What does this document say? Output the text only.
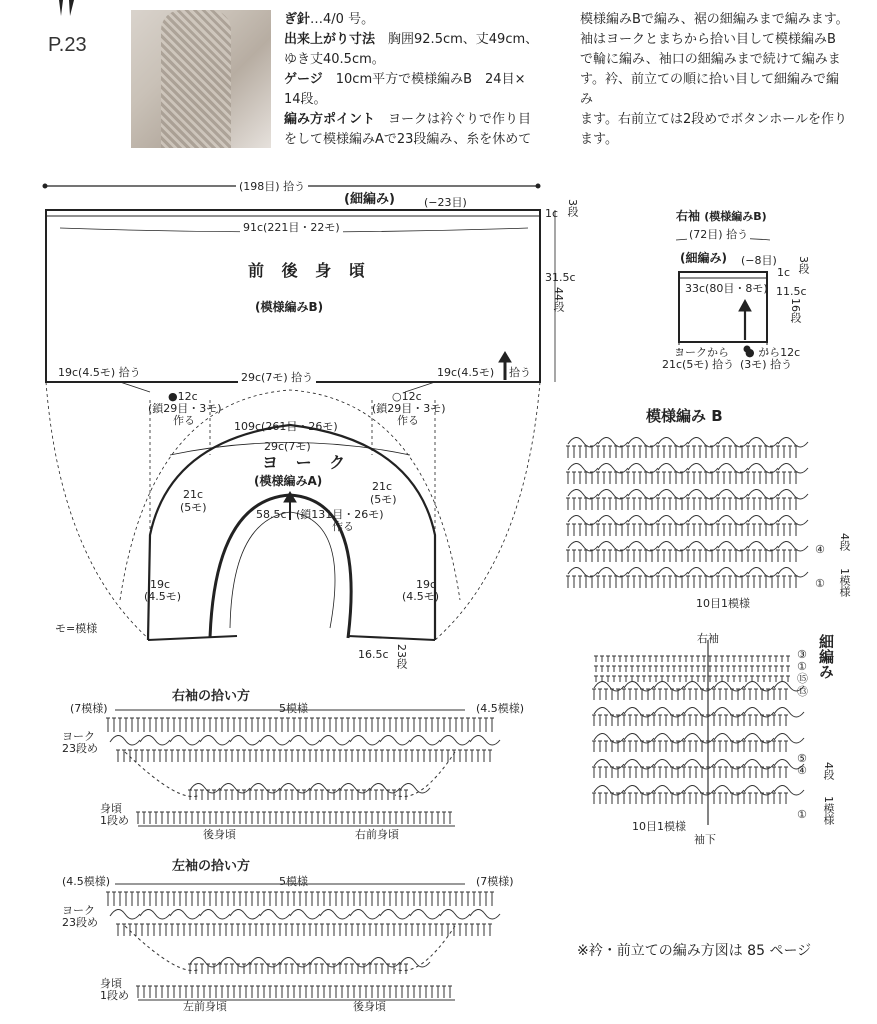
P.23
ぎ針…4/0 号。
出来上がり寸法　胸囲92.5cm、丈49cm、
ゆき丈40.5cm。
ゲージ　10cm平方で模様編みB　24目×
14段。
編み方ポイント　ヨークは衿ぐりで作り目
をして模様編みAで23段編み、糸を休めて
模様編みBで編み、裾の細編みまで編みます。
袖はヨークとまちから拾い目して模様編みB
で輪に編み、袖口の細編みまで続けて編みま
す。衿、前立ての順に拾い目して細編みで編み
ます。右前立ては2段めでボタンホールを作り
ます。
(198目) 拾う
(細編み)	(−23目)
91c(221目・22モ)
前 後 身 頃
(模様編みB)
1c 3段
31.5c
44段
19c(4.5モ) 拾う	29c(7モ) 拾う	19c(4.5モ) 拾う
●12c
(鎖29目・3モ)
作る
○12c
(鎖29目・3モ)
作る
109c(261目・26モ)
29c(7モ)
ヨ ー ク
(模様編みA)
21c
(5モ)
21c
(5モ)
58.5c (鎖131目・26モ)
作る
19c
(4.5モ)
19c
(4.5モ)
16.5c 23段
モ=模様
右袖 (模様編みB)
(72目) 拾う
(細編み) (−8目)
33c(80目・8モ)
1c 3段
11.5c
16段
ヨークから
21c(5モ) 拾う
● から12c
(3モ) 拾う
模様編み B
10目1模様
④
①
4段
1模様
右袖	細編み
③
①
⑮
⑬
⑤
④ 4段
1模様
①
10目1模様
袖下
右袖の拾い方
(7模様)	5模様	(4.5模様)
ヨーク
23段め
身頃
1段め
後身頃	右前身頃
左袖の拾い方
(4.5模様)	5模様	(7模様)
ヨーク
23段め
身頃
1段め
左前身頃	後身頃
※衿・前立ての編み方図は 85 ページ
